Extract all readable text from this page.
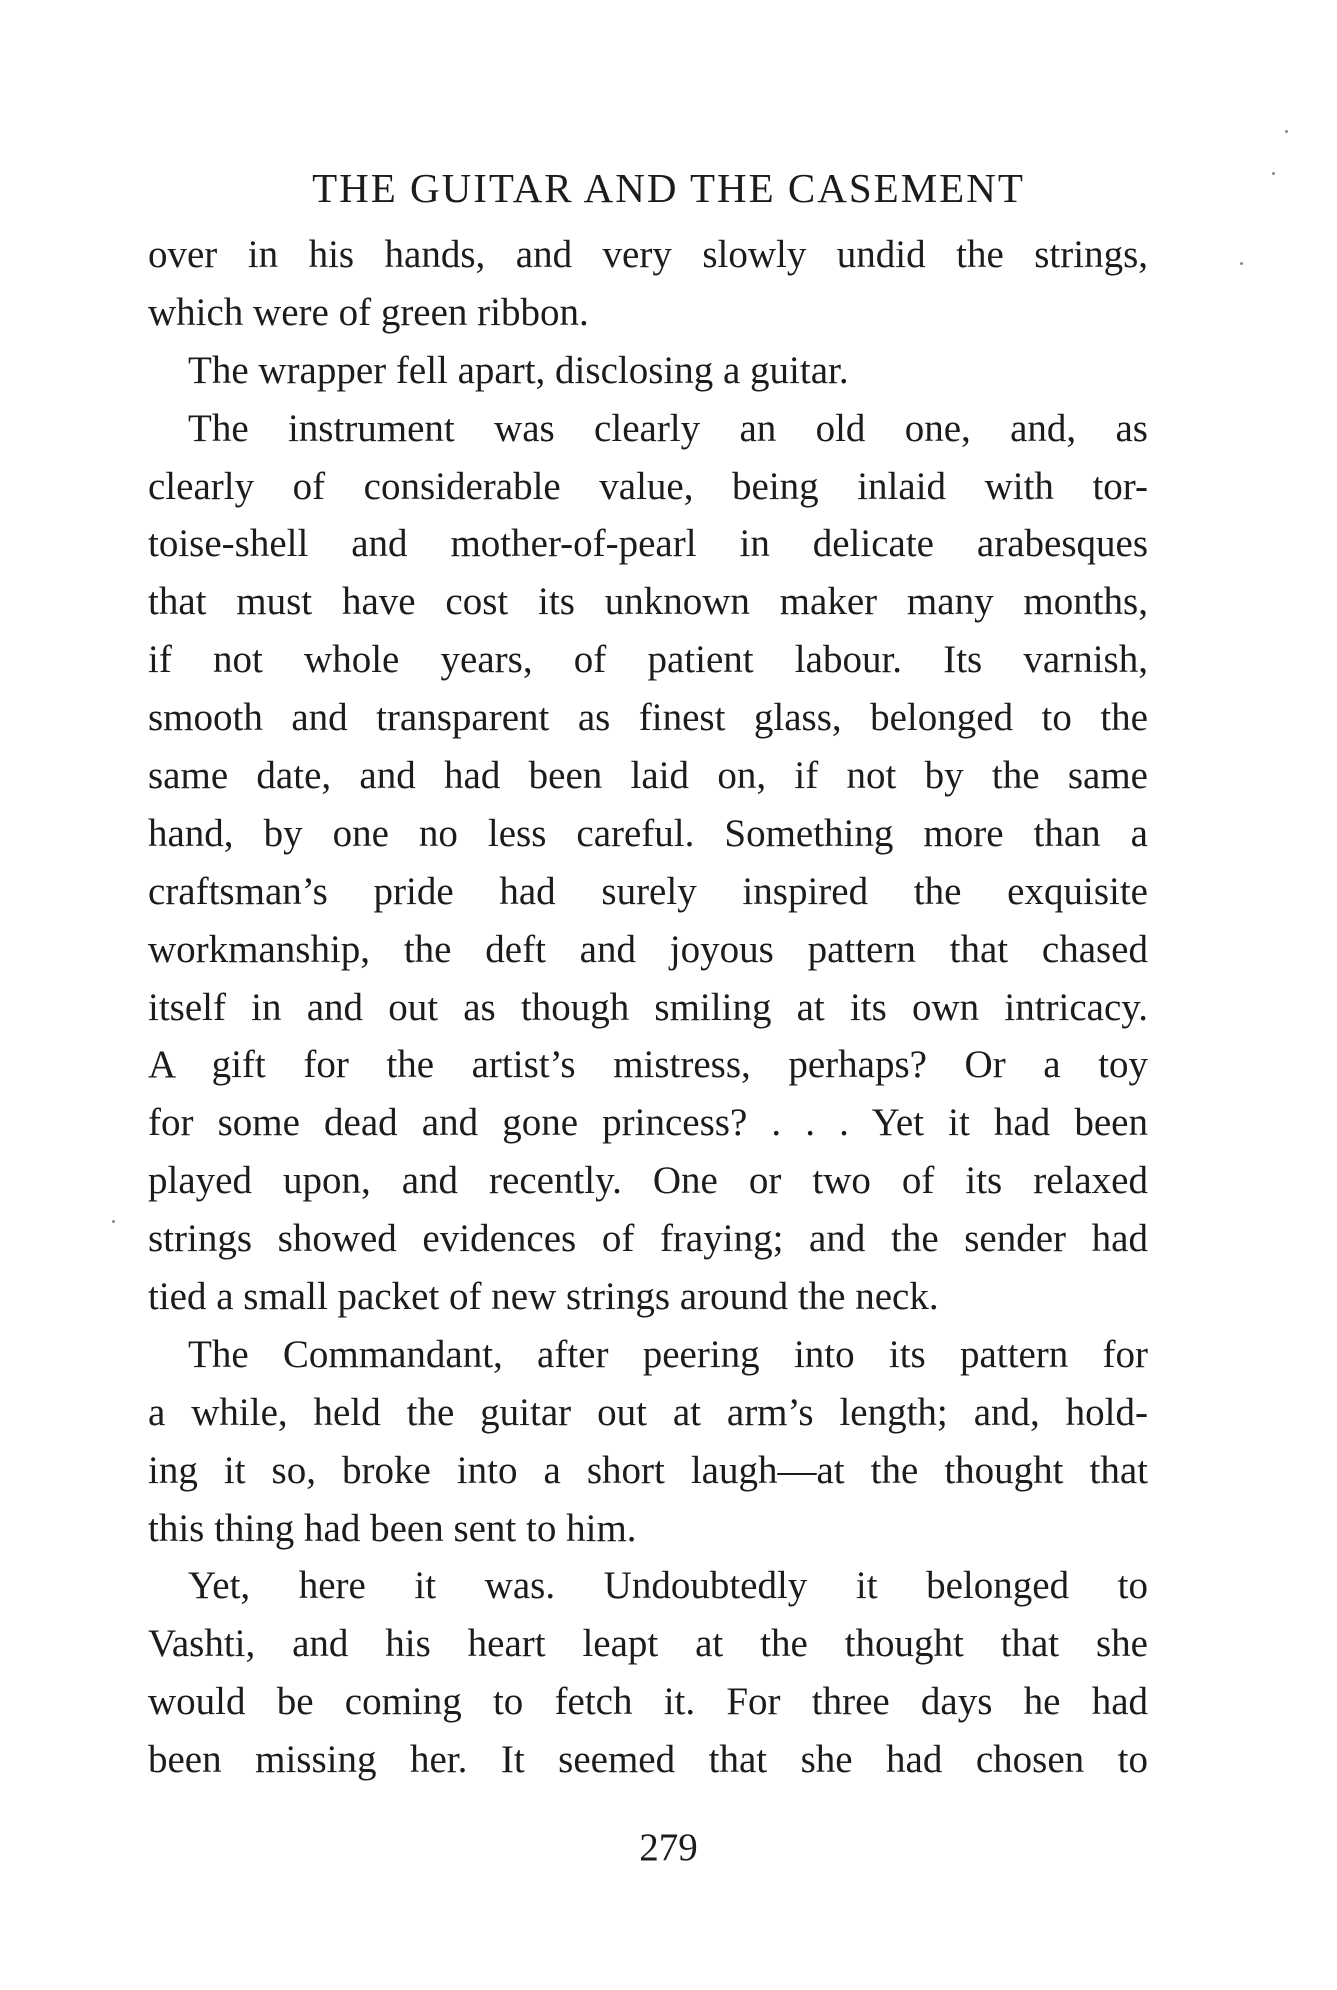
THE GUITAR AND THE CASEMENT
over in his hands, and very slowly undid the strings,
which were of green ribbon.
The wrapper fell apart, disclosing a guitar.
The instrument was clearly an old one, and, as
clearly of considerable value, being inlaid with tor-
toise-shell and mother-of-pearl in delicate arabesques
that must have cost its unknown maker many months,
if not whole years, of patient labour. Its varnish,
smooth and transparent as finest glass, belonged to the
same date, and had been laid on, if not by the same
hand, by one no less careful. Something more than a
craftsman’s pride had surely inspired the exquisite
workmanship, the deft and joyous pattern that chased
itself in and out as though smiling at its own intricacy.
A gift for the artist’s mistress, perhaps? Or a toy
for some dead and gone princess? . . . Yet it had been
played upon, and recently. One or two of its relaxed
strings showed evidences of fraying; and the sender had
tied a small packet of new strings around the neck.
The Commandant, after peering into its pattern for
a while, held the guitar out at arm’s length; and, hold-
ing it so, broke into a short laugh—at the thought that
this thing had been sent to him.
Yet, here it was. Undoubtedly it belonged to
Vashti, and his heart leapt at the thought that she
would be coming to fetch it. For three days he had
been missing her. It seemed that she had chosen to
279
